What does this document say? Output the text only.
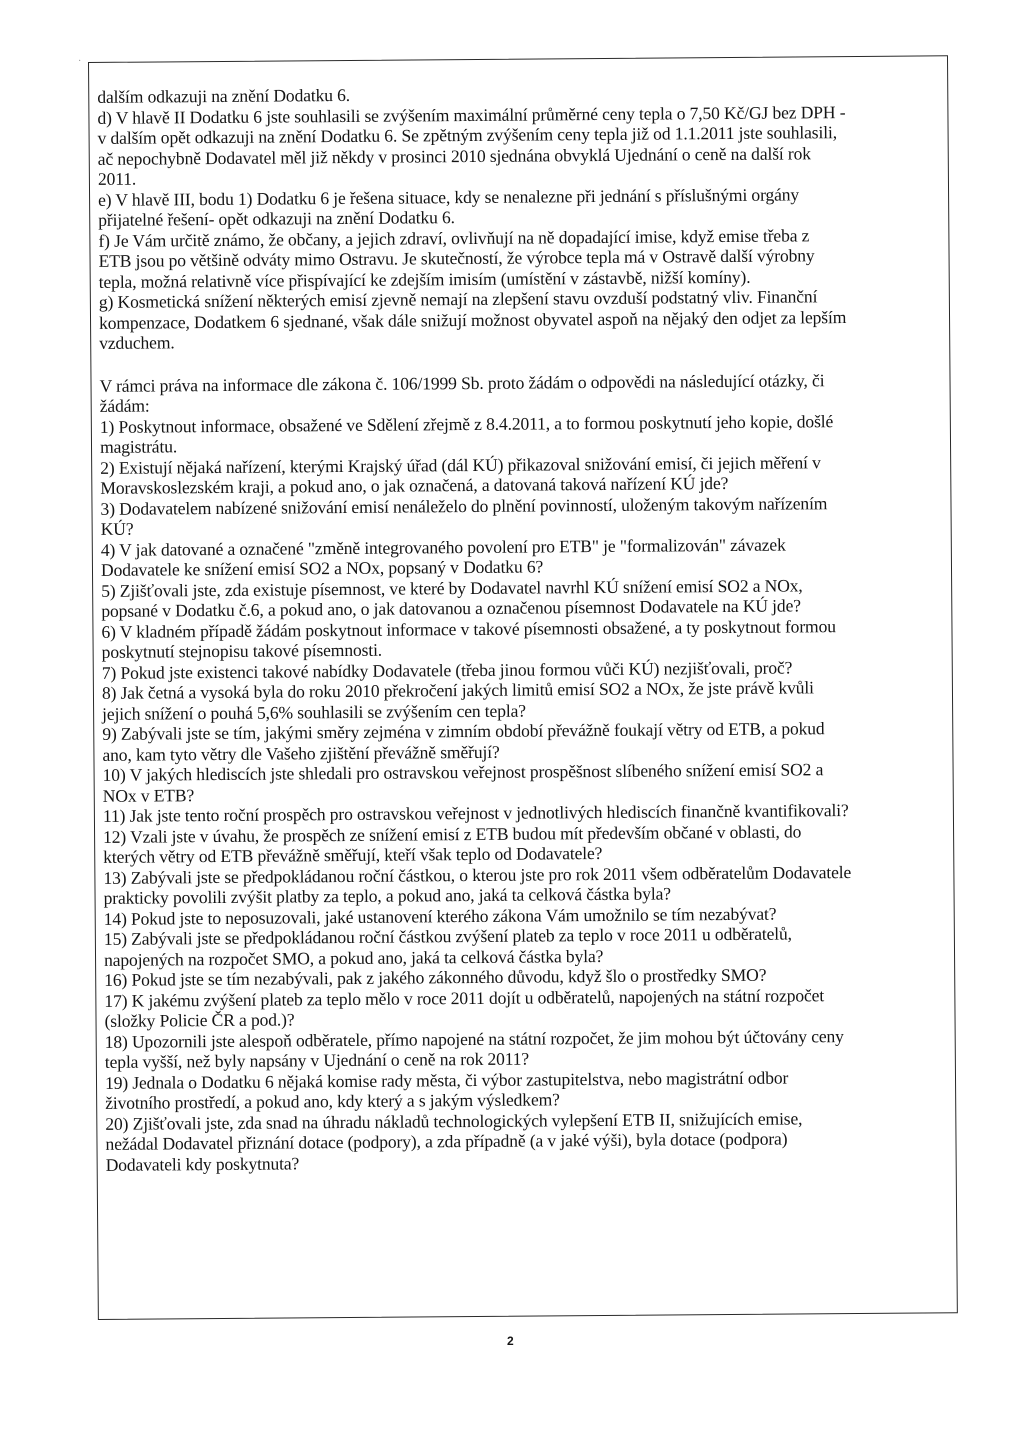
·
dalším odkazuji na znění Dodatku 6.
d) V hlavě II Dodatku 6 jste souhlasili se zvýšením maximální průměrné ceny tepla o 7,50 Kč/GJ bez DPH -
v dalším opět odkazuji na znění Dodatku 6. Se zpětným zvýšením ceny tepla již od 1.1.2011 jste souhlasili,
ač nepochybně Dodavatel měl již někdy v prosinci 2010 sjednána obvyklá Ujednání o ceně na další rok
2011.
e) V hlavě III, bodu 1) Dodatku 6 je řešena situace, kdy se nenalezne při jednání s příslušnými orgány
přijatelné řešení- opět odkazuji na znění Dodatku 6.
f) Je Vám určitě známo, že občany, a jejich zdraví, ovlivňují na ně dopadající imise, když emise třeba z
ETB jsou po většině odváty mimo Ostravu. Je skutečností, že výrobce tepla má v Ostravě další výrobny
tepla, možná relativně více přispívající ke zdejším imisím (umístění v zástavbě, nižší komíny).
g) Kosmetická snížení některých emisí zjevně nemají na zlepšení stavu ovzduší podstatný vliv. Finanční
kompenzace, Dodatkem 6 sjednané, však dále snižují možnost obyvatel aspoň na nějaký den odjet za lepším
vzduchem.
V rámci práva na informace dle zákona č. 106/1999 Sb. proto žádám o odpovědi na následující otázky, či
žádám:
1) Poskytnout informace, obsažené ve Sdělení zřejmě z 8.4.2011, a to formou poskytnutí jeho kopie, došlé
magistrátu.
2) Existují nějaká nařízení, kterými Krajský úřad (dál KÚ) přikazoval snižování emisí, či jejich měření v
Moravskoslezském kraji, a pokud ano, o jak označená, a datovaná taková nařízení KÚ jde?
3) Dodavatelem nabízené snižování emisí nenáleželo do plnění povinností, uloženým takovým nařízením
KÚ?
4) V jak datované a označené "změně integrovaného povolení pro ETB" je "formalizován" závazek
Dodavatele ke snížení emisí SO2 a NOx, popsaný v Dodatku 6?
5) Zjišťovali jste, zda existuje písemnost, ve které by Dodavatel navrhl KÚ snížení emisí SO2 a NOx,
popsané v Dodatku č.6, a pokud ano, o jak datovanou a označenou písemnost Dodavatele na KÚ jde?
6) V kladném případě žádám poskytnout informace v takové písemnosti obsažené, a ty poskytnout formou
poskytnutí stejnopisu takové písemnosti.
7) Pokud jste existenci takové nabídky Dodavatele (třeba jinou formou vůči KÚ) nezjišťovali, proč?
8) Jak četná a vysoká byla do roku 2010 překročení jakých limitů emisí SO2 a NOx, že jste právě kvůli
jejich snížení o pouhá 5,6% souhlasili se zvýšením cen tepla?
9) Zabývali jste se tím, jakými směry zejména v zimním období převážně foukají větry od ETB, a pokud
ano, kam tyto větry dle Vašeho zjištění převážně směřují?
10) V jakých hlediscích jste shledali pro ostravskou veřejnost prospěšnost slíbeného snížení emisí SO2 a
NOx v ETB?
11) Jak jste tento roční prospěch pro ostravskou veřejnost v jednotlivých hlediscích finančně kvantifikovali?
12) Vzali jste v úvahu, že prospěch ze snížení emisí z ETB budou mít především občané v oblasti, do
kterých větry od ETB převážně směřují, kteří však teplo od Dodavatele?
13) Zabývali jste se předpokládanou roční částkou, o kterou jste pro rok 2011 všem odběratelům Dodavatele
prakticky povolili zvýšit platby za teplo, a pokud ano, jaká ta celková částka byla?
14) Pokud jste to neposuzovali, jaké ustanovení kterého zákona Vám umožnilo se tím nezabývat?
15) Zabývali jste se předpokládanou roční částkou zvýšení plateb za teplo v roce 2011 u odběratelů,
napojených na rozpočet SMO, a pokud ano, jaká ta celková částka byla?
16) Pokud jste se tím nezabývali, pak z jakého zákonného důvodu, když šlo o prostředky SMO?
17) K jakému zvýšení plateb za teplo mělo v roce 2011 dojít u odběratelů, napojených na státní rozpočet
(složky Policie ČR a pod.)?
18) Upozornili jste alespoň odběratele, přímo napojené na státní rozpočet, že jim mohou být účtovány ceny
tepla vyšší, než byly napsány v Ujednání o ceně na rok 2011?
19) Jednala o Dodatku 6 nějaká komise rady města, či výbor zastupitelstva, nebo magistrátní odbor
životního prostředí, a pokud ano, kdy který a s jakým výsledkem?
20) Zjišťovali jste, zda snad na úhradu nákladů technologických vylepšení ETB II, snižujících emise,
nežádal Dodavatel přiznání dotace (podpory), a zda případně (a v jaké výši), byla dotace (podpora)
Dodavateli kdy poskytnuta?
2
